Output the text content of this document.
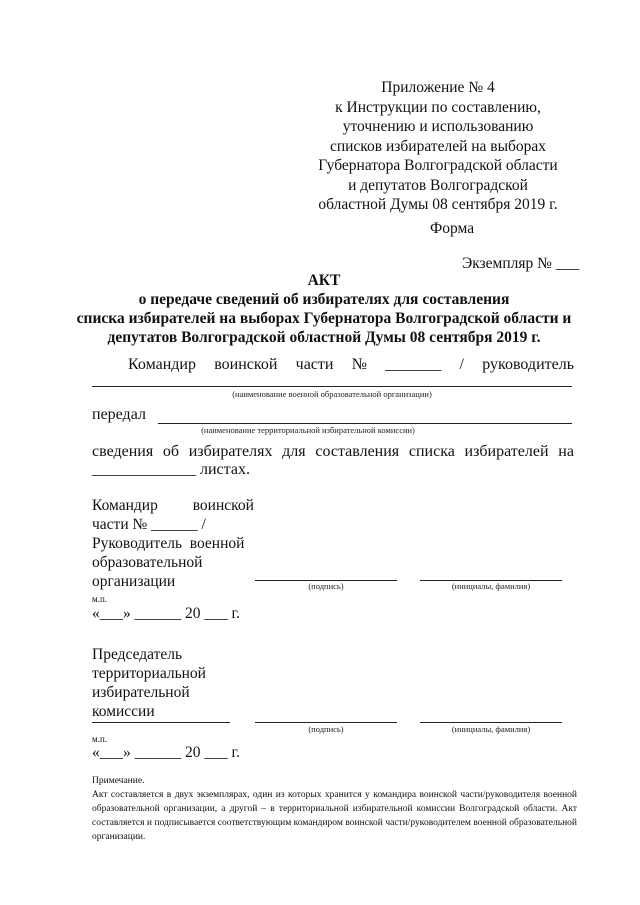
Приложение № 4
к Инструкции по составлению,
уточнению и использованию
списков избирателей на выборах
Губернатора Волгоградской области
и депутатов Волгоградской
областной Думы 08 сентября 2019 г.
Форма
Экземпляр № ___
АКТ
о передаче сведений об избирателях для составления
списка избирателей на выборах Губернатора Волгоградской области и
депутатов Волгоградской областной Думы 08 сентября 2019 г.
Командир воинской части № _______ / руководитель
(наименование военной образовательной организации)
передал
(наименование территориальной избирательной комиссии)
сведения об избирателях для составления списка избирателей на
_____________ листах.
Командир         воинской
части № ______ /
Руководитель  военной
образовательной
организации	(подпись)	(инициалы, фамилия)
м.п.
«___» ______ 20 ___ г.
Председатель
территориальной
избирательной
комиссии
(подпись)	(инициалы, фамилия)
м.п.
«___» ______ 20 ___ г.
Примечание.
Акт составляется в двух экземплярах, один из которых хранится у командира воинской части/руководителя военной образовательной организации, а другой – в территориальной избирательной комиссии Волгоградской области. Акт составляется и подписывается соответствующим командиром воинской части/руководителем военной образовательной организации.
